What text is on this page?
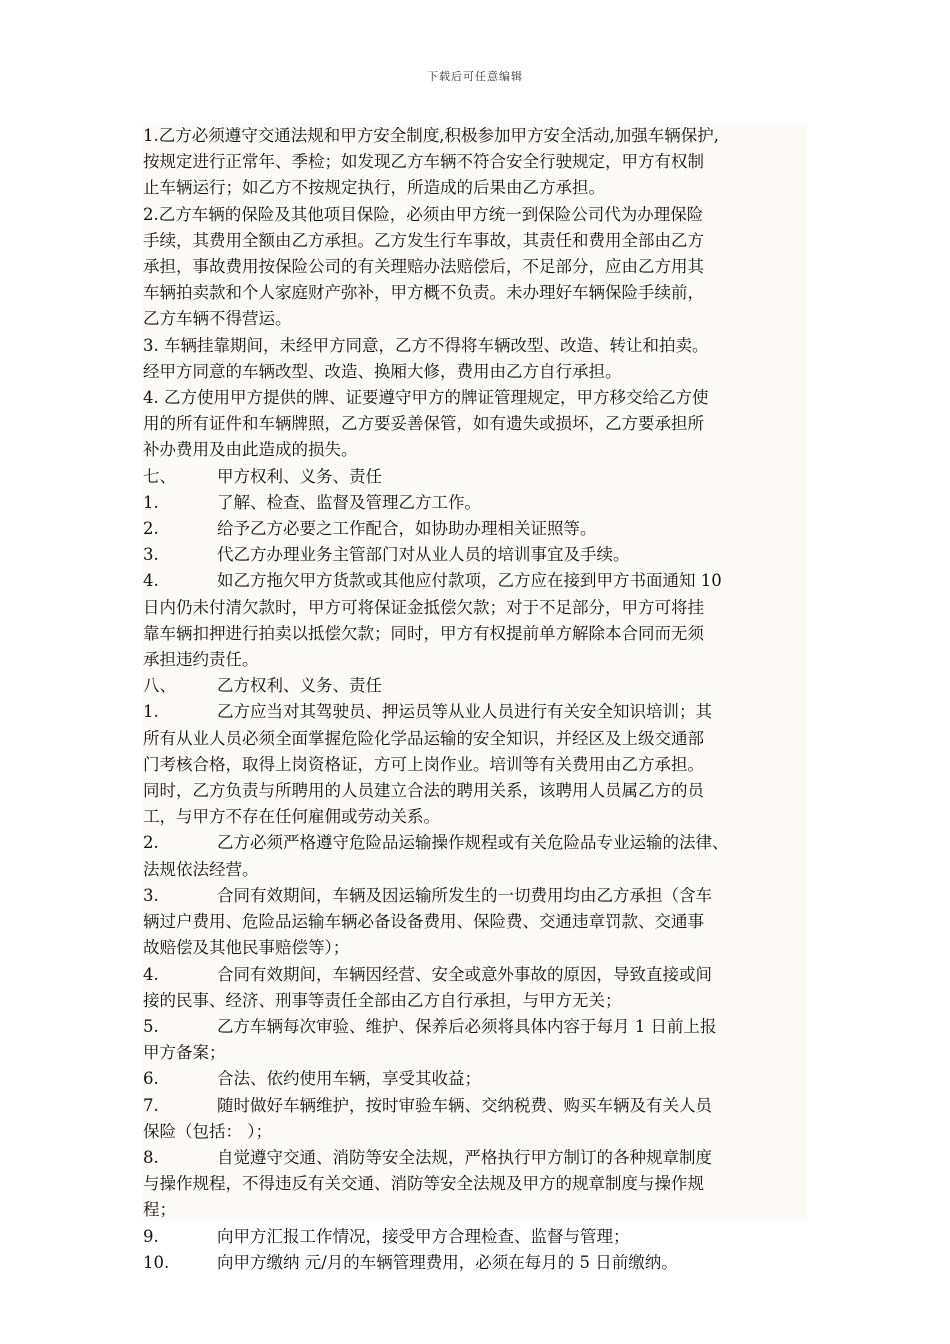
下载后可任意编辑
1.乙方必须遵守交通法规和甲方安全制度,积极参加甲方安全活动,加强车辆保护,
按规定进行正常年、季检；如发现乙方车辆不符合安全行驶规定，甲方有权制
止车辆运行；如乙方不按规定执行，所造成的后果由乙方承担。
2.乙方车辆的保险及其他项目保险，必须由甲方统一到保险公司代为办理保险
手续，其费用全额由乙方承担。乙方发生行车事故，其责任和费用全部由乙方
承担，事故费用按保险公司的有关理赔办法赔偿后，不足部分，应由乙方用其
车辆拍卖款和个人家庭财产弥补，甲方概不负责。未办理好车辆保险手续前，
乙方车辆不得营运。
3. 车辆挂靠期间，未经甲方同意，乙方不得将车辆改型、改造、转让和拍卖。
经甲方同意的车辆改型、改造、换厢大修，费用由乙方自行承担。
4. 乙方使用甲方提供的牌、证要遵守甲方的牌证管理规定，甲方移交给乙方使
用的所有证件和车辆牌照，乙方要妥善保管，如有遗失或损坏，乙方要承担所
补办费用及由此造成的损失。
七、	甲方权利、义务、责任
1.	了解、检查、监督及管理乙方工作。
2.	给予乙方必要之工作配合，如协助办理相关证照等。
3.	代乙方办理业务主管部门对从业人员的培训事宜及手续。
4.	如乙方拖欠甲方货款或其他应付款项，乙方应在接到甲方书面通知 10
日内仍未付清欠款时，甲方可将保证金抵偿欠款；对于不足部分，甲方可将挂
靠车辆扣押进行拍卖以抵偿欠款；同时，甲方有权提前单方解除本合同而无须
承担违约责任。
八、	乙方权利、义务、责任
1.	乙方应当对其驾驶员、押运员等从业人员进行有关安全知识培训；其
所有从业人员必须全面掌握危险化学品运输的安全知识，并经区及上级交通部
门考核合格，取得上岗资格证，方可上岗作业。培训等有关费用由乙方承担。
同时，乙方负责与所聘用的人员建立合法的聘用关系，该聘用人员属乙方的员
工，与甲方不存在任何雇佣或劳动关系。
2.	乙方必须严格遵守危险品运输操作规程或有关危险品专业运输的法律、
法规依法经营。
3.	合同有效期间，车辆及因运输所发生的一切费用均由乙方承担（含车
辆过户费用、危险品运输车辆必备设备费用、保险费、交通违章罚款、交通事
故赔偿及其他民事赔偿等）；
4.	合同有效期间，车辆因经营、安全或意外事故的原因，导致直接或间
接的民事、经济、刑事等责任全部由乙方自行承担，与甲方无关；
5.	乙方车辆每次审验、维护、保养后必须将具体内容于每月 1 日前上报
甲方备案；
6.	合法、依约使用车辆，享受其收益；
7.	随时做好车辆维护，按时审验车辆、交纳税费、购买车辆及有关人员
保险（包括： ）；
8.	自觉遵守交通、消防等安全法规，严格执行甲方制订的各种规章制度
与操作规程，不得违反有关交通、消防等安全法规及甲方的规章制度与操作规
程；
9.	向甲方汇报工作情况，接受甲方合理检查、监督与管理；
10.	向甲方缴纳 元/月的车辆管理费用，必须在每月的 5 日前缴纳。
